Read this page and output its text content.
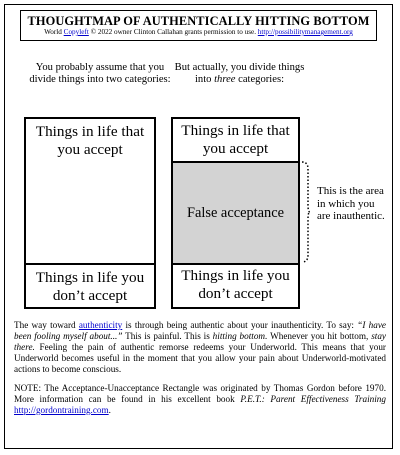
THOUGHTMAP OF AUTHENTICALLY HITTING BOTTOM
World Copyleft © 2022 owner Clinton Callahan grants permission to use. http://possibilitymanagement.org
You probably assume that you divide things into two categories:
But actually, you divide things into three categories:
Things in life that you accept
Things in life you don’t accept
Things in life that you accept
False acceptance
Things in life you don’t accept
This is the area in which you are inauthentic.
The way toward authenticity is through being authentic about your inauthenticity. To say: “I have been fooling myself about...” This is painful. This is hitting bottom. Whenever you hit bottom, stay there. Feeling the pain of authentic remorse redeems your Underworld. This means that your Underworld becomes useful in the moment that you allow your pain about Underworld-motivated actions to become conscious.
NOTE: The Acceptance-Unacceptance Rectangle was originated by Thomas Gordon before 1970. More information can be found in his excellent book P.E.T.: Parent Effectiveness Training http://gordontraining.com.
